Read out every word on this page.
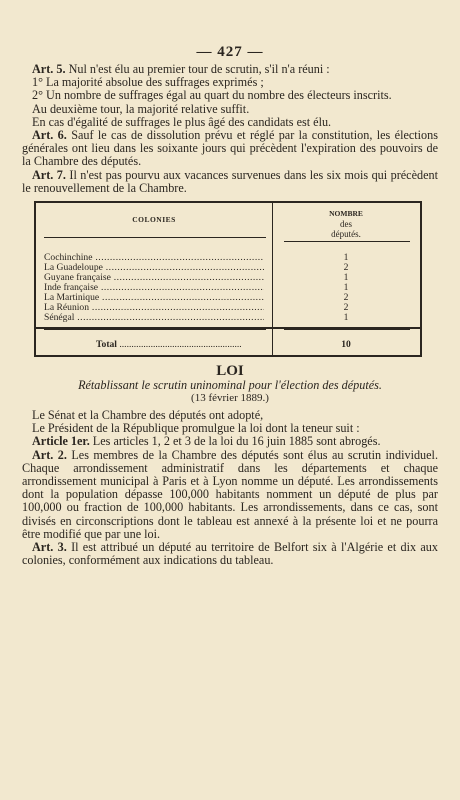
— 427 —

Art. 5. Nul n'est élu au premier tour de scrutin, s'il n'a réuni :

1° La majorité absolue des suffrages exprimés ;

2° Un nombre de suffrages égal au quart du nombre des électeurs inscrits.

Au deuxième tour, la majorité relative suffit.

En cas d'égalité de suffrages le plus âgé des candidats est élu.

Art. 6. Sauf le cas de dissolution prévu et réglé par la constitution, les élections générales ont lieu dans les soixante jours qui précèdent l'expiration des pouvoirs de la Chambre des députés.

Art. 7. Il n'est pas pourvu aux vacances survenues dans les six mois qui précèdent le renouvellement de la Chambre.

COLONIES
NOMBRE
des
députés.
Cochinchine .....	1
La Guadeloupe .....	2
Guyane française .....	1
Inde française .....	1
La Martinique .....	2
La Réunion .....	2
Sénégal .....	1
Total .....	10
LOI
Rétablissant le scrutin uninominal pour l'élection des députés.
(13 février 1889.)

Le Sénat et la Chambre des députés ont adopté,

Le Président de la République promulgue la loi dont la teneur suit :

Article 1er. Les articles 1, 2 et 3 de la loi du 16 juin 1885 sont abrogés.

Art. 2. Les membres de la Chambre des députés sont élus au scrutin individuel. Chaque arrondissement administratif dans les départements et chaque arrondissement municipal à Paris et à Lyon nomme un député. Les arrondissements dont la population dépasse 100,000 habitants nomment un député de plus par 100,000 ou fraction de 100,000 habitants. Les arrondissements, dans ce cas, sont divisés en circonscriptions dont le tableau est annexé à la présente loi et ne pourra être modifié que par une loi.

Art. 3. Il est attribué un député au territoire de Belfort six à l'Algérie et dix aux colonies, conformément aux indications du tableau.
